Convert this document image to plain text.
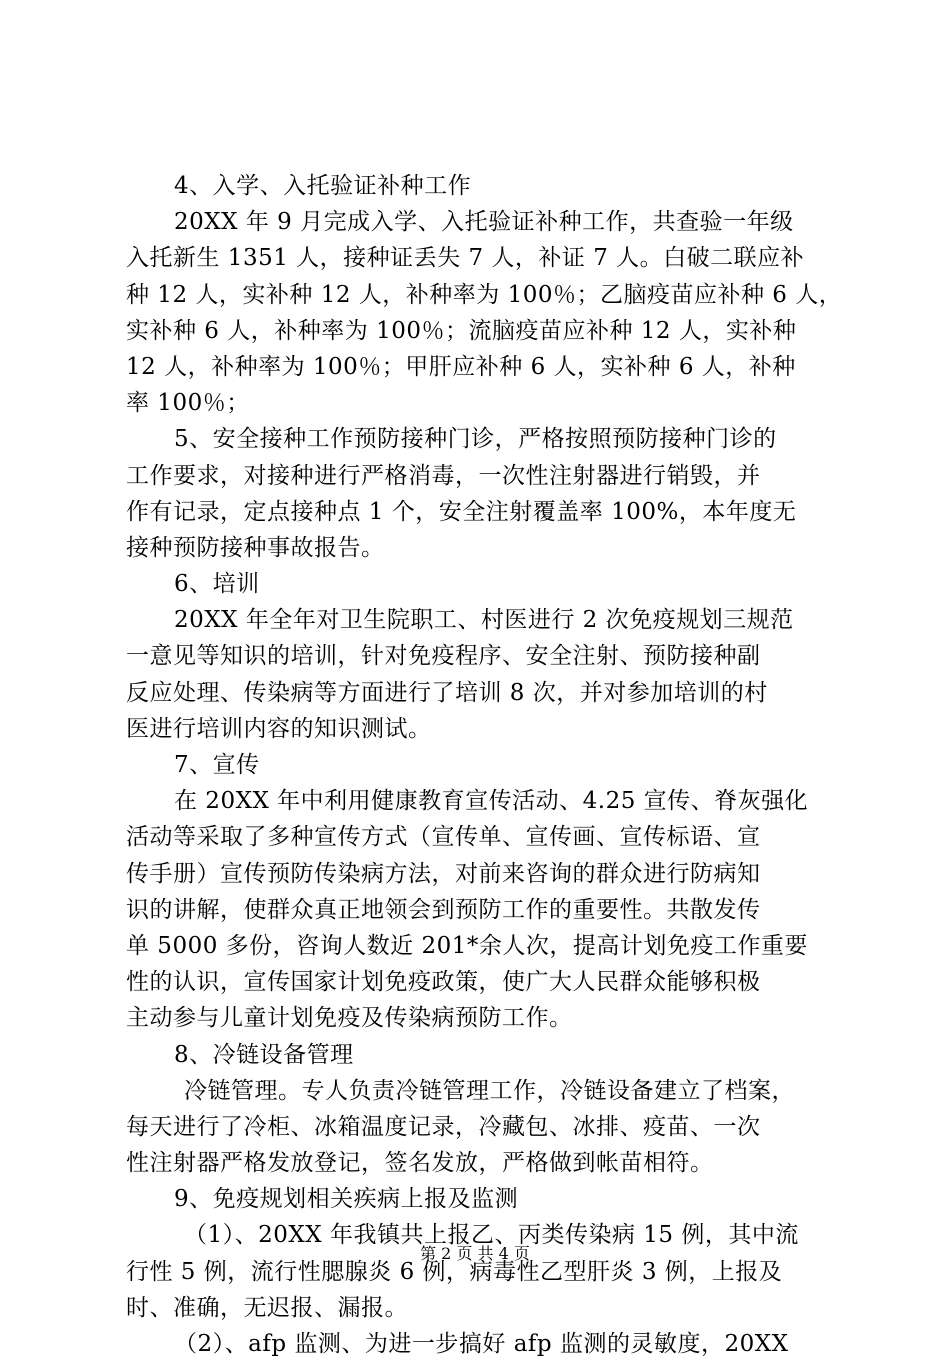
4、入学、入托验证补种工作
20XX 年 9 月完成入学、入托验证补种工作，共查验一年级
入托新生 1351 人，接种证丢失 7 人，补证 7 人。白破二联应补
种 12 人，实补种 12 人，补种率为 100％；乙脑疫苗应补种 6 人，
实补种 6 人，补种率为 100％；流脑疫苗应补种 12 人，实补种
12 人，补种率为 100％；甲肝应补种 6 人，实补种 6 人，补种
率 100％；
5、安全接种工作预防接种门诊，严格按照预防接种门诊的
工作要求，对接种进行严格消毒，一次性注射器进行销毁，并
作有记录，定点接种点 1 个，安全注射覆盖率 100%，本年度无
接种预防接种事故报告。
6、培训
20XX 年全年对卫生院职工、村医进行 2 次免疫规划三规范
一意见等知识的培训，针对免疫程序、安全注射、预防接种副
反应处理、传染病等方面进行了培训 8 次，并对参加培训的村
医进行培训内容的知识测试。
7、宣传
在 20XX 年中利用健康教育宣传活动、4.25 宣传、脊灰强化
活动等采取了多种宣传方式（宣传单、宣传画、宣传标语、宣
传手册）宣传预防传染病方法，对前来咨询的群众进行防病知
识的讲解，使群众真正地领会到预防工作的重要性。共散发传
单 5000 多份，咨询人数近 201*余人次，提高计划免疫工作重要
性的认识，宣传国家计划免疫政策，使广大人民群众能够积极
主动参与儿童计划免疫及传染病预防工作。
8、冷链设备管理
冷链管理。专人负责冷链管理工作，冷链设备建立了档案，
每天进行了冷柜、冰箱温度记录，冷藏包、冰排、疫苗、一次
性注射器严格发放登记，签名发放，严格做到帐苗相符。
9、免疫规划相关疾病上报及监测
（1）、20XX 年我镇共上报乙、丙类传染病 15 例，其中流
行性 5 例，流行性腮腺炎 6 例，病毒性乙型肝炎 3 例，上报及
时、准确，无迟报、漏报。
（2）、afp 监测、为进一步搞好 afp 监测的灵敏度，20XX
第 2 页 共 4 页
